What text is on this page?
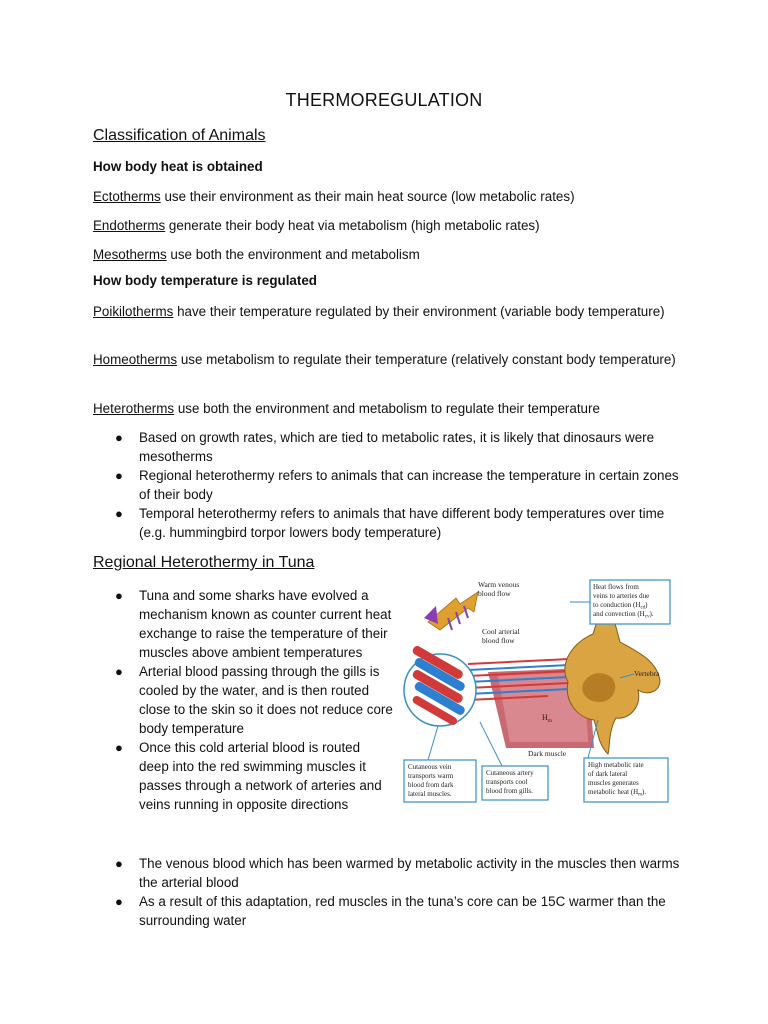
THERMOREGULATION
Classification of Animals
How body heat is obtained
Ectotherms use their environment as their main heat source (low metabolic rates)
Endotherms generate their body heat via metabolism (high metabolic rates)
Mesotherms use both the environment and metabolism
How body temperature is regulated
Poikilotherms have their temperature regulated by their environment (variable body temperature)
Homeotherms use metabolism to regulate their temperature (relatively constant body temperature)
Heterotherms use both the environment and metabolism to regulate their temperature
● Based on growth rates, which are tied to metabolic rates, it is likely that dinosaurs were mesotherms
● Regional heterothermy refers to animals that can increase the temperature in certain zones of their body
● Temporal heterothermy refers to animals that have different body temperatures over time (e.g. hummingbird torpor lowers body temperature)
Regional Heterothermy in Tuna
● Tuna and some sharks have evolved a mechanism known as counter current heat exchange to raise the temperature of their muscles above ambient temperatures
● Arterial blood passing through the gills is cooled by the water, and is then routed close to the skin so it does not reduce core body temperature
● Once this cold arterial blood is routed deep into the red swimming muscles it passes through a network of arteries and veins running in opposite directions
● The venous blood which has been warmed by metabolic activity in the muscles then warms the arterial blood
● As a result of this adaptation, red muscles in the tuna’s core can be 15C warmer than the surrounding water
Warm venous blood flow
Cool arterial blood flow
Vertebra
$H_m$
Dark muscle
Heat flows from veins to arteries due to conduction $(H_{cd})$ and convection $(H_{cv})$.
Cutaneous vein transports warm blood from dark lateral muscles.
Cutaneous artery transports cool blood from gills.
High metabolic rate of dark lateral muscles generates metabolic heat $(H_m)$.
